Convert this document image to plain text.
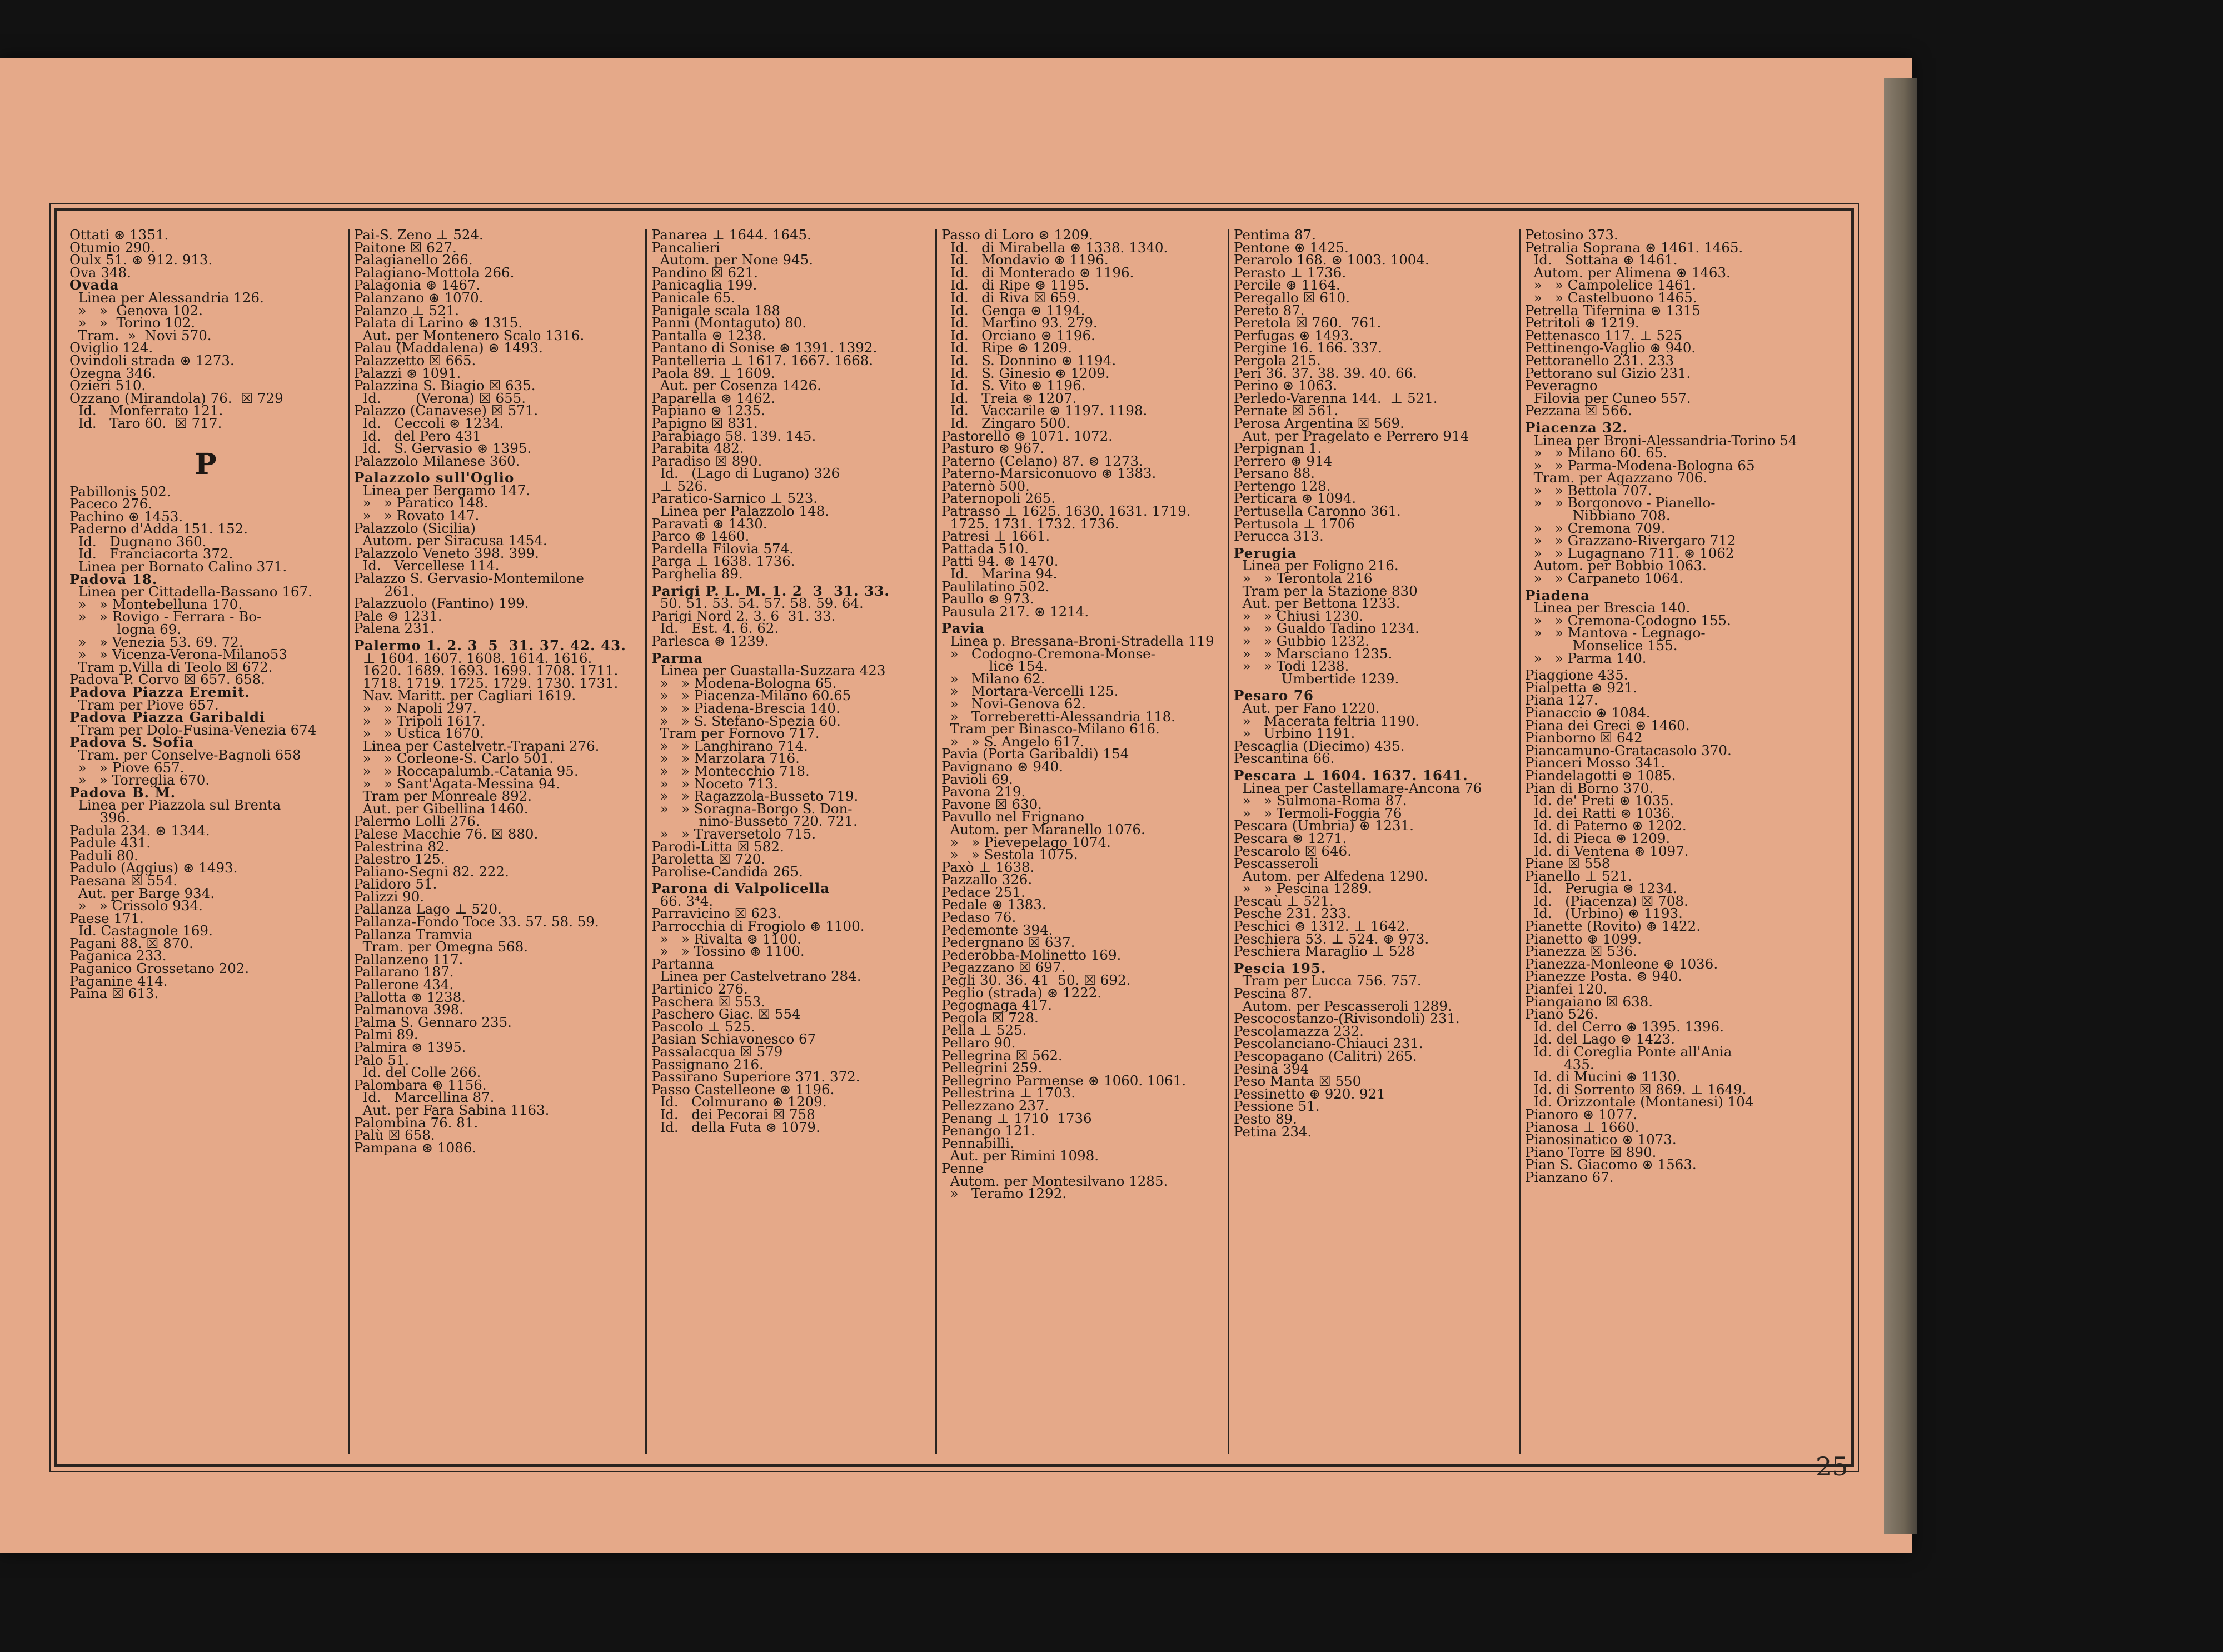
Ottati ⊛ 1351.
Otumio 290.
Oulx 51. ⊛ 912. 913.
Ova 348.
Ovada
Linea per Alessandria 126.
»   »  Genova 102.
»   »  Torino 102.
Tram.  »  Novi 570.
Oviglio 124.
Ovindoli strada ⊛ 1273.
Ozegna 346.
Ozieri 510.
Ozzano (Mirandola) 76.  ☒ 729
Id.   Monferrato 121.
Id.   Taro 60.  ☒ 717.
P
Pabillonis 502.
Paceco 276.
Pachino ⊛ 1453.
Paderno d'Adda 151. 152.
Id.   Dugnano 360.
Id.   Franciacorta 372.
Linea per Bornato Calino 371.
Padova 18.
Linea per Cittadella-Bassano 167.
»   » Montebelluna 170.
»   » Rovigo - Ferrara - Bo-
logna 69.
»   » Venezia 53. 69. 72.
»   » Vicenza-Verona-Milano53
Tram p.Villa di Teolo ☒ 672.
Padova P. Corvo ☒ 657. 658.
Padova Piazza Eremit.
Tram per Piove 657.
Padova Piazza Garibaldi
Tram per Dolo-Fusina-Venezia 674
Padova S. Sofia
Tram. per Conselve-Bagnoli 658
»   » Piove 657.
»   » Torreglia 670.
Padova B. M.
Linea per Piazzola sul Brenta
396.
Padula 234. ⊛ 1344.
Padule 431.
Paduli 80.
Padulo (Aggius) ⊛ 1493.
Paesana ☒ 554.
Aut. per Barge 934.
»   » Crissolo 934.
Paese 171.
Id. Castagnole 169.
Pagani 88. ☒ 870.
Paganica 233.
Paganico Grossetano 202.
Paganine 414.
Paina ☒ 613.
Pai-S. Zeno ⊥ 524.
Paitone ☒ 627.
Palagianello 266.
Palagiano-Mottola 266.
Palagonia ⊛ 1467.
Palanzano ⊛ 1070.
Palanzo ⊥ 521.
Palata di Larino ⊛ 1315.
Aut. per Montenero Scalo 1316.
Palau (Maddalena) ⊛ 1493.
Palazzetto ☒ 665.
Palazzi ⊛ 1091.
Palazzina S. Biagio ☒ 635.
Id.        (Verona) ☒ 655.
Palazzo (Canavese) ☒ 571.
Id.   Ceccoli ⊛ 1234.
Id.   del Pero 431
Id.   S. Gervasio ⊛ 1395.
Palazzolo Milanese 360.
Palazzolo sull'Oglio
Linea per Bergamo 147.
»   » Paratico 148.
»   » Rovato 147.
Palazzolo (Sicilia)
Autom. per Siracusa 1454.
Palazzolo Veneto 398. 399.
Id.   Vercellese 114.
Palazzo S. Gervasio-Montemilone
261.
Palazzuolo (Fantino) 199.
Pale ⊛ 1231.
Palena 231.
Palermo 1. 2. 3  5  31. 37. 42. 43.
⊥ 1604. 1607. 1608. 1614. 1616.
1620. 1689. 1693. 1699. 1708. 1711.
1718. 1719. 1725. 1729. 1730. 1731.
Nav. Maritt. per Cagliari 1619.
»   » Napoli 297.
»   » Tripoli 1617.
»   » Ustica 1670.
Linea per Castelvetr.-Trapani 276.
»   » Corleone-S. Carlo 501.
»   » Roccapalumb.-Catania 95.
»   » Sant'Agata-Messina 94.
Tram per Monreale 892.
Aut. per Gibellina 1460.
Palermo Lolli 276.
Palese Macchie 76. ☒ 880.
Palestrina 82.
Palestro 125.
Paliano-Segni 82. 222.
Palidoro 51.
Palizzi 90.
Pallanza Lago ⊥ 520.
Pallanza-Fondo Toce 33. 57. 58. 59.
Pallanza Tramvia
Tram. per Omegna 568.
Pallanzeno 117.
Pallarano 187.
Pallerone 434.
Pallotta ⊛ 1238.
Palmanova 398.
Palma S. Gennaro 235.
Palmi 89.
Palmira ⊛ 1395.
Palo 51.
Id. del Colle 266.
Palombara ⊛ 1156.
Id.   Marcellina 87.
Aut. per Fara Sabina 1163.
Palombina 76. 81.
Palù ☒ 658.
Pampana ⊛ 1086.
Panarea ⊥ 1644. 1645.
Pancalieri
Autom. per None 945.
Pandino ☒ 621.
Panicaglia 199.
Panicale 65.
Panigale scala 188
Panni (Montaguto) 80.
Pantalla ⊛ 1238.
Pantano di Sonise ⊛ 1391. 1392.
Pantelleria ⊥ 1617. 1667. 1668.
Paola 89. ⊥ 1609.
Aut. per Cosenza 1426.
Paparella ⊛ 1462.
Papiano ⊛ 1235.
Papigno ☒ 831.
Parabiago 58. 139. 145.
Parabita 482.
Paradiso ☒ 890.
Id.   (Lago di Lugano) 326
⊥ 526.
Paratico-Sarnico ⊥ 523.
Linea per Palazzolo 148.
Paravati ⊛ 1430.
Parco ⊛ 1460.
Pardella Filovia 574.
Parga ⊥ 1638. 1736.
Parghelia 89.
Parigi P. L. M. 1. 2  3  31. 33.
50. 51. 53. 54. 57. 58. 59. 64.
Parigi Nord 2. 3. 6  31. 33.
Id.   Est. 4. 6. 62.
Parlesca ⊛ 1239.
Parma
Linea per Guastalla-Suzzara 423
»   » Modena-Bologna 65.
»   » Piacenza-Milano 60.65
»   » Piadena-Brescia 140.
»   » S. Stefano-Spezia 60.
Tram per Fornovo 717.
»   » Langhirano 714.
»   » Marzolara 716.
»   » Montecchio 718.
»   » Noceto 713.
»   » Ragazzola-Busseto 719.
»   » Soragna-Borgo S. Don-
nino-Busseto 720. 721.
»   » Traversetolo 715.
Parodi-Litta ☒ 582.
Paroletta ☒ 720.
Parolise-Candida 265.
Parona di Valpolicella
66. 3⁴4.
Parravicino ☒ 623.
Parrocchia di Frogiolo ⊛ 1100.
»   » Rivalta ⊛ 1100.
»   » Tossino ⊛ 1100.
Partanna
Linea per Castelvetrano 284.
Partinico 276.
Paschera ☒ 553.
Paschero Giac. ☒ 554
Pascolo ⊥ 525.
Pasian Schiavonesco 67
Passalacqua ☒ 579
Passignano 216.
Passirano Superiore 371. 372.
Passo Castelleone ⊛ 1196.
Id.   Colmurano ⊛ 1209.
Id.   dei Pecorai ☒ 758
Id.   della Futa ⊛ 1079.
Passo di Loro ⊛ 1209.
Id.   di Mirabella ⊛ 1338. 1340.
Id.   Mondavio ⊛ 1196.
Id.   di Monterado ⊛ 1196.
Id.   di Ripe ⊛ 1195.
Id.   di Riva ☒ 659.
Id.   Genga ⊛ 1194.
Id.   Martino 93. 279.
Id.   Orciano ⊛ 1196.
Id.   Ripe ⊛ 1209.
Id.   S. Donnino ⊛ 1194.
Id.   S. Ginesio ⊛ 1209.
Id.   S. Vito ⊛ 1196.
Id.   Treia ⊛ 1207.
Id.   Vaccarile ⊛ 1197. 1198.
Id.   Zingaro 500.
Pastorello ⊛ 1071. 1072.
Pasturo ⊛ 967.
Paterno (Celano) 87. ⊛ 1273.
Paterno-Marsiconuovo ⊛ 1383.
Paternò 500.
Paternopoli 265.
Patrasso ⊥ 1625. 1630. 1631. 1719.
1725. 1731. 1732. 1736.
Patresi ⊥ 1661.
Pattada 510.
Patti 94. ⊛ 1470.
Id.   Marina 94.
Paulilatino 502.
Paullo ⊛ 973.
Pausula 217. ⊛ 1214.
Pavia
Linea p. Bressana-Broni-Stradella 119
»   Codogno-Cremona-Monse-
lice 154.
»   Milano 62.
»   Mortara-Vercelli 125.
»   Novi-Genova 62.
»   Torreberetti-Alessandria 118.
Tram per Binasco-Milano 616.
»   » S. Angelo 617.
Pavia (Porta Garibaldi) 154
Pavignano ⊛ 940.
Pavioli 69.
Pavona 219.
Pavone ☒ 630.
Pavullo nel Frignano
Autom. per Maranello 1076.
»   » Pievepelago 1074.
»   » Sestola 1075.
Paxò ⊥ 1638.
Pazzallo 326.
Pedace 251.
Pedale ⊛ 1383.
Pedaso 76.
Pedemonte 394.
Pedergnano ☒ 637.
Pederobba-Molinetto 169.
Pegazzano ☒ 697.
Pegli 30. 36. 41  50. ☒ 692.
Peglio (strada) ⊛ 1222.
Pegognaga 417.
Pegola ☒ 728.
Pella ⊥ 525.
Pellaro 90.
Pellegrina ☒ 562.
Pellegrini 259.
Pellegrino Parmense ⊛ 1060. 1061.
Pellestrina ⊥ 1703.
Pellezzano 237.
Penang ⊥ 1710  1736
Penango 121.
Pennabilli.
Aut. per Rimini 1098.
Penne
Autom. per Montesilvano 1285.
»   Teramo 1292.
Pentima 87.
Pentone ⊛ 1425.
Perarolo 168. ⊛ 1003. 1004.
Perasto ⊥ 1736.
Percile ⊛ 1164.
Peregallo ☒ 610.
Pereto 87.
Peretola ☒ 760.  761.
Perfugas ⊛ 1493.
Pergine 16. 166. 337.
Pergola 215.
Peri 36. 37. 38. 39. 40. 66.
Perino ⊛ 1063.
Perledo-Varenna 144.  ⊥ 521.
Pernate ☒ 561.
Perosa Argentina ☒ 569.
Aut. per Pragelato e Perrero 914
Perpignan 1.
Perrero ⊛ 914
Persano 88.
Pertengo 128.
Perticara ⊛ 1094.
Pertusella Caronno 361.
Pertusola ⊥ 1706
Perucca 313.
Perugia
Linea per Foligno 216.
»   » Terontola 216
Tram per la Stazione 830
Aut. per Bettona 1233.
»   » Chiusi 1230.
»   » Gualdo Tadino 1234.
»   » Gubbio 1232.
»   » Marsciano 1235.
»   » Todi 1238.
Umbertide 1239.
Pesaro 76
Aut. per Fano 1220.
»   Macerata feltria 1190.
»   Urbino 1191.
Pescaglia (Diecimo) 435.
Pescantina 66.
Pescara ⊥ 1604. 1637. 1641.
Linea per Castellamare-Ancona 76
»   » Sulmona-Roma 87.
»   » Termoli-Foggia 76
Pescara (Umbria) ⊛ 1231.
Pescara ⊛ 1271.
Pescarolo ☒ 646.
Pescasseroli
Autom. per Alfedena 1290.
»   » Pescina 1289.
Pescaù ⊥ 521.
Pesche 231. 233.
Peschici ⊛ 1312. ⊥ 1642.
Peschiera 53. ⊥ 524. ⊛ 973.
Peschiera Maraglio ⊥ 528
Pescia 195.
Tram per Lucca 756. 757.
Pescina 87.
Autom. per Pescasseroli 1289.
Pescocostanzo-(Rivisondoli) 231.
Pescolamazza 232.
Pescolanciano-Chiauci 231.
Pescopagano (Calitri) 265.
Pesina 394
Peso Manta ☒ 550
Pessinetto ⊛ 920. 921
Pessione 51.
Pesto 89.
Petina 234.
Petosino 373.
Petralia Soprana ⊛ 1461. 1465.
Id.   Sottana ⊛ 1461.
Autom. per Alimena ⊛ 1463.
»   » Campolelice 1461.
»   » Castelbuono 1465.
Petrella Tifernina ⊛ 1315
Petritoli ⊛ 1219.
Pettenasco 117. ⊥ 525
Pettinengo-Vaglio ⊛ 940.
Pettoranello 231. 233
Pettorano sul Gizio 231.
Peveragno
Filovia per Cuneo 557.
Pezzana ☒ 566.
Piacenza 32.
Linea per Broni-Alessandria-Torino 54
»   » Milano 60. 65.
»   » Parma-Modena-Bologna 65
Tram. per Agazzano 706.
»   » Bettola 707.
»   » Borgonovo - Pianello-
Nibbiano 708.
»   » Cremona 709.
»   » Grazzano-Rivergaro 712
»   » Lugagnano 711. ⊛ 1062
Autom. per Bobbio 1063.
»   » Carpaneto 1064.
Piadena
Linea per Brescia 140.
»   » Cremona-Codogno 155.
»   » Mantova - Legnago-
Monselice 155.
»   » Parma 140.
Piaggione 435.
Pialpetta ⊛ 921.
Piana 127.
Pianaccio ⊛ 1084.
Piana dei Greci ⊛ 1460.
Pianborno ☒ 642
Piancamuno-Gratacasolo 370.
Pianceri Mosso 341.
Piandelagotti ⊛ 1085.
Pian di Borno 370.
Id. de' Preti ⊛ 1035.
Id. dei Ratti ⊛ 1036.
Id. di Paterno ⊛ 1202.
Id. di Pieca ⊛ 1209.
Id. di Ventena ⊛ 1097.
Piane ☒ 558
Pianello ⊥ 521.
Id.   Perugia ⊛ 1234.
Id.   (Piacenza) ☒ 708.
Id.   (Urbino) ⊛ 1193.
Pianette (Rovito) ⊛ 1422.
Pianetto ⊛ 1099.
Pianezza ☒ 536.
Pianezza-Monleone ⊛ 1036.
Pianezze Posta. ⊛ 940.
Pianfei 120.
Piangaiano ☒ 638.
Piano 526.
Id. del Cerro ⊛ 1395. 1396.
Id. del Lago ⊛ 1423.
Id. di Coreglia Ponte all'Ania
435.
Id. di Mucini ⊛ 1130.
Id. di Sorrento ☒ 869. ⊥ 1649.
Id. Orizzontale (Montanesi) 104
Pianoro ⊛ 1077.
Pianosa ⊥ 1660.
Pianosinatico ⊛ 1073.
Piano Torre ☒ 890.
Pian S. Giacomo ⊛ 1563.
Pianzano 67.
25
